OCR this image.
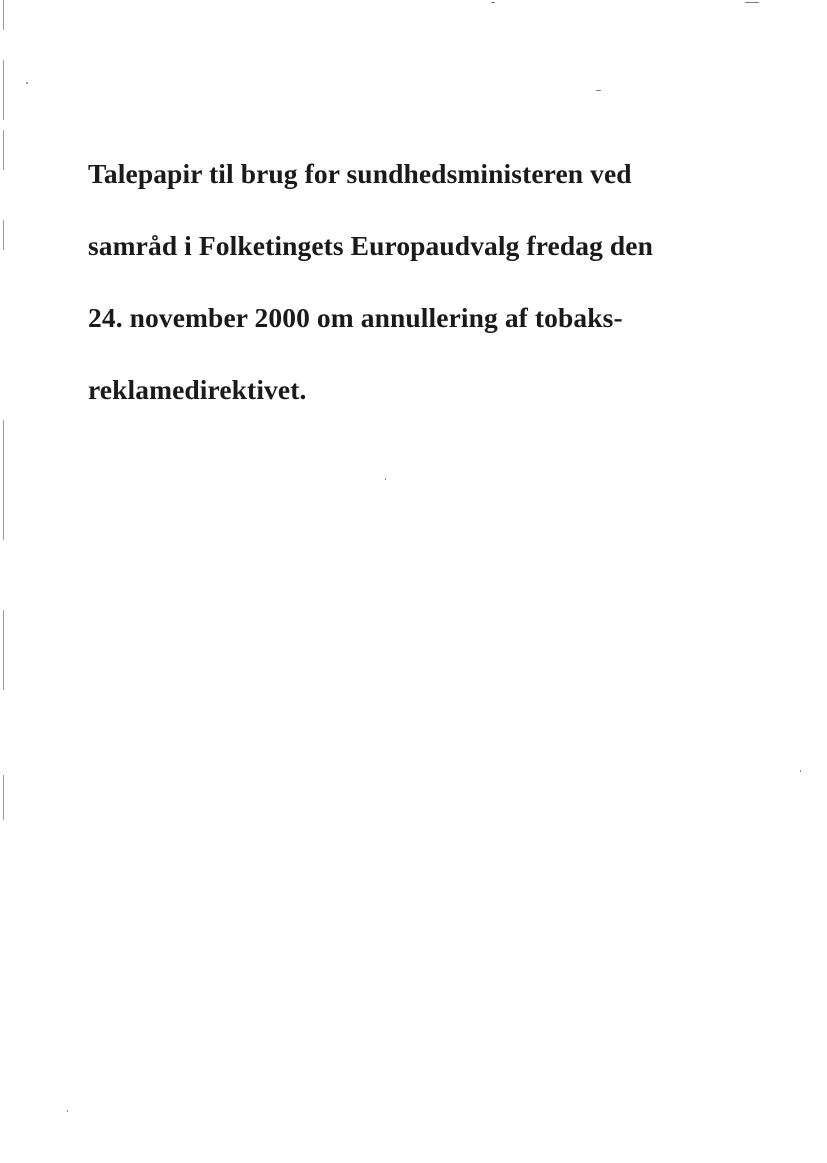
Talepapir til brug for sundhedsministeren ved
samråd i Folketingets Europaudvalg fredag den
24. november 2000 om annullering af tobaks-
reklamedirektivet.
